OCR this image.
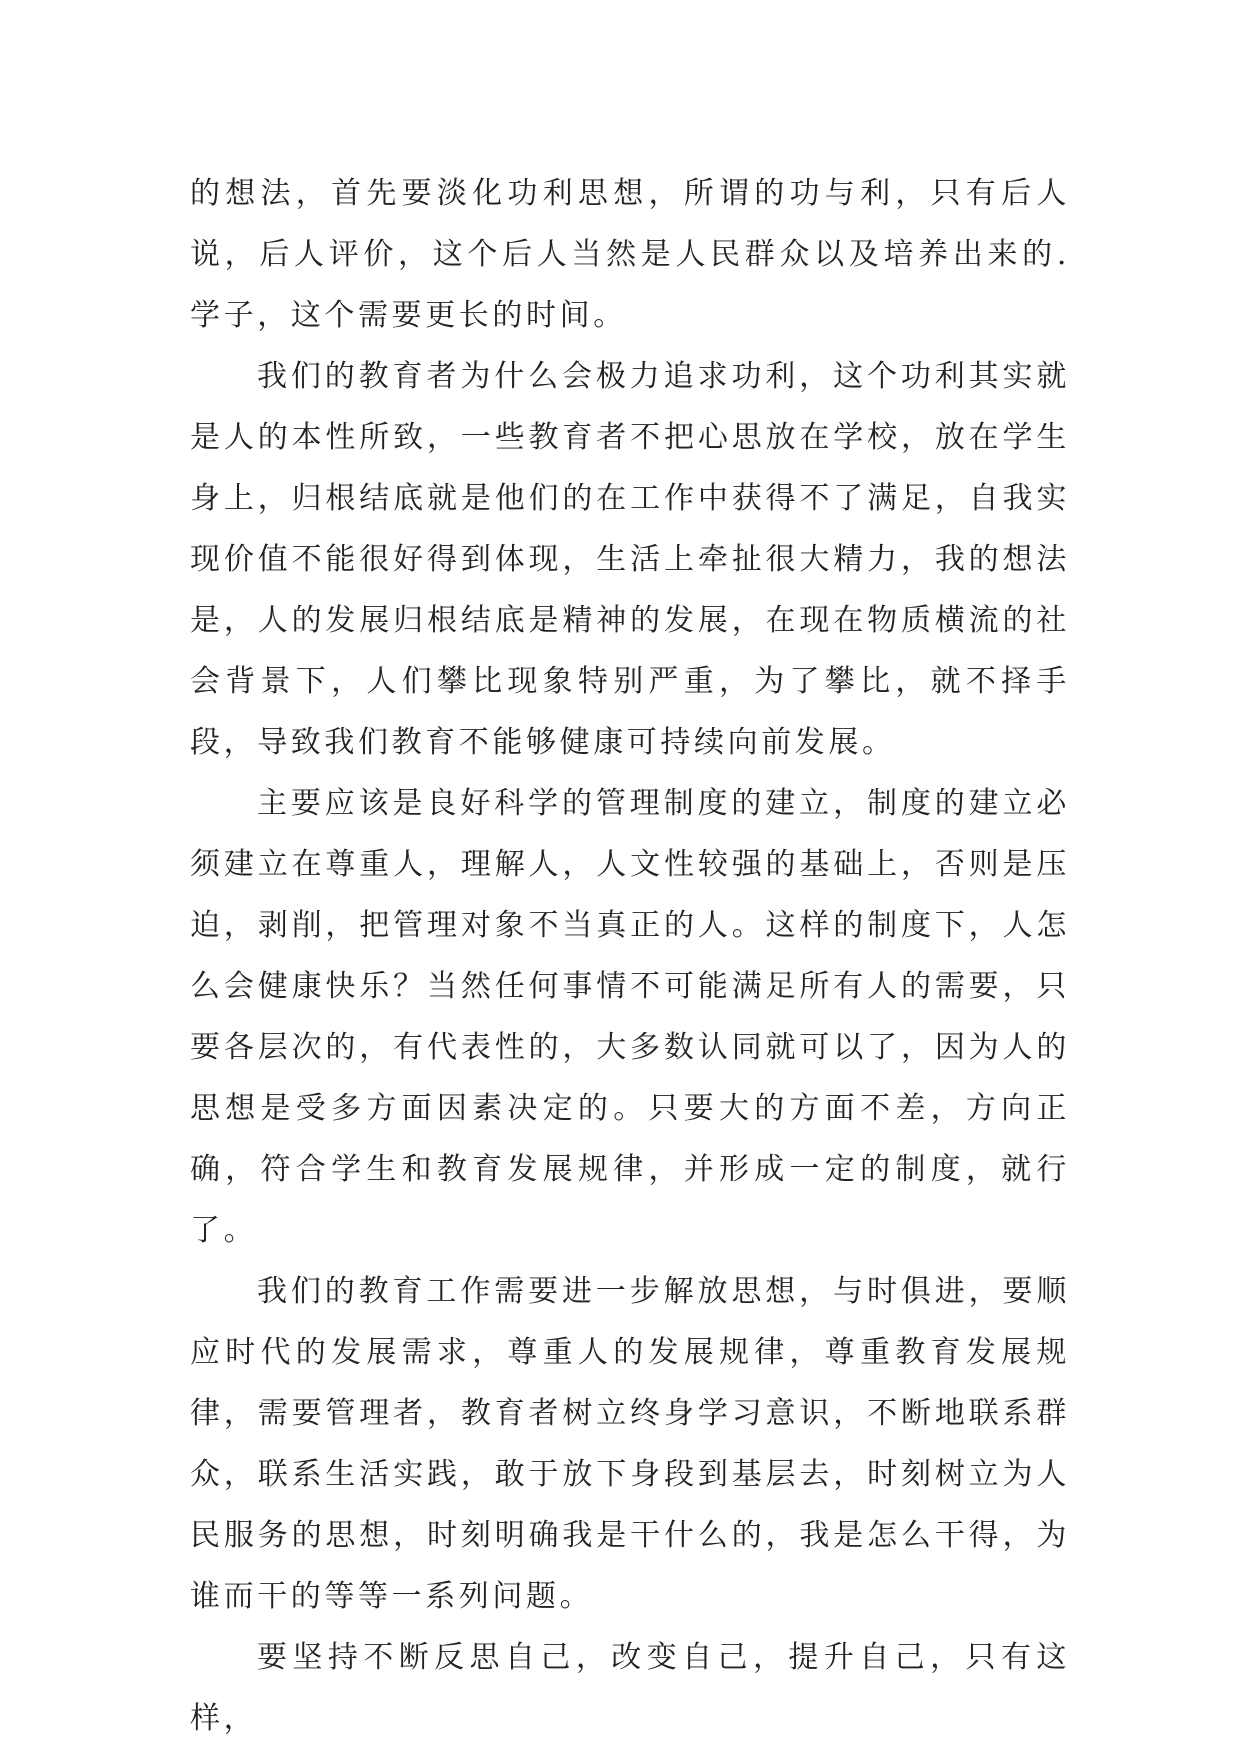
的想法，首先要淡化功利思想，所谓的功与利，只有后人说，后人评价，这个后人当然是人民群众以及培养出来的.学子，这个需要更长的时间。

我们的教育者为什么会极力追求功利，这个功利其实就是人的本性所致，一些教育者不把心思放在学校，放在学生身上，归根结底就是他们的在工作中获得不了满足，自我实现价值不能很好得到体现，生活上牵扯很大精力，我的想法是，人的发展归根结底是精神的发展，在现在物质横流的社会背景下，人们攀比现象特别严重，为了攀比，就不择手段，导致我们教育不能够健康可持续向前发展。

主要应该是良好科学的管理制度的建立，制度的建立必须建立在尊重人，理解人，人文性较强的基础上，否则是压迫，剥削，把管理对象不当真正的人。这样的制度下，人怎么会健康快乐？当然任何事情不可能满足所有人的需要，只要各层次的，有代表性的，大多数认同就可以了，因为人的思想是受多方面因素决定的。只要大的方面不差，方向正确，符合学生和教育发展规律，并形成一定的制度，就行了。

我们的教育工作需要进一步解放思想，与时俱进，要顺应时代的发展需求，尊重人的发展规律，尊重教育发展规律，需要管理者，教育者树立终身学习意识，不断地联系群众，联系生活实践，敢于放下身段到基层去，时刻树立为人民服务的思想，时刻明确我是干什么的，我是怎么干得，为谁而干的等等一系列问题。

要坚持不断反思自己，改变自己，提升自己，只有这样，
